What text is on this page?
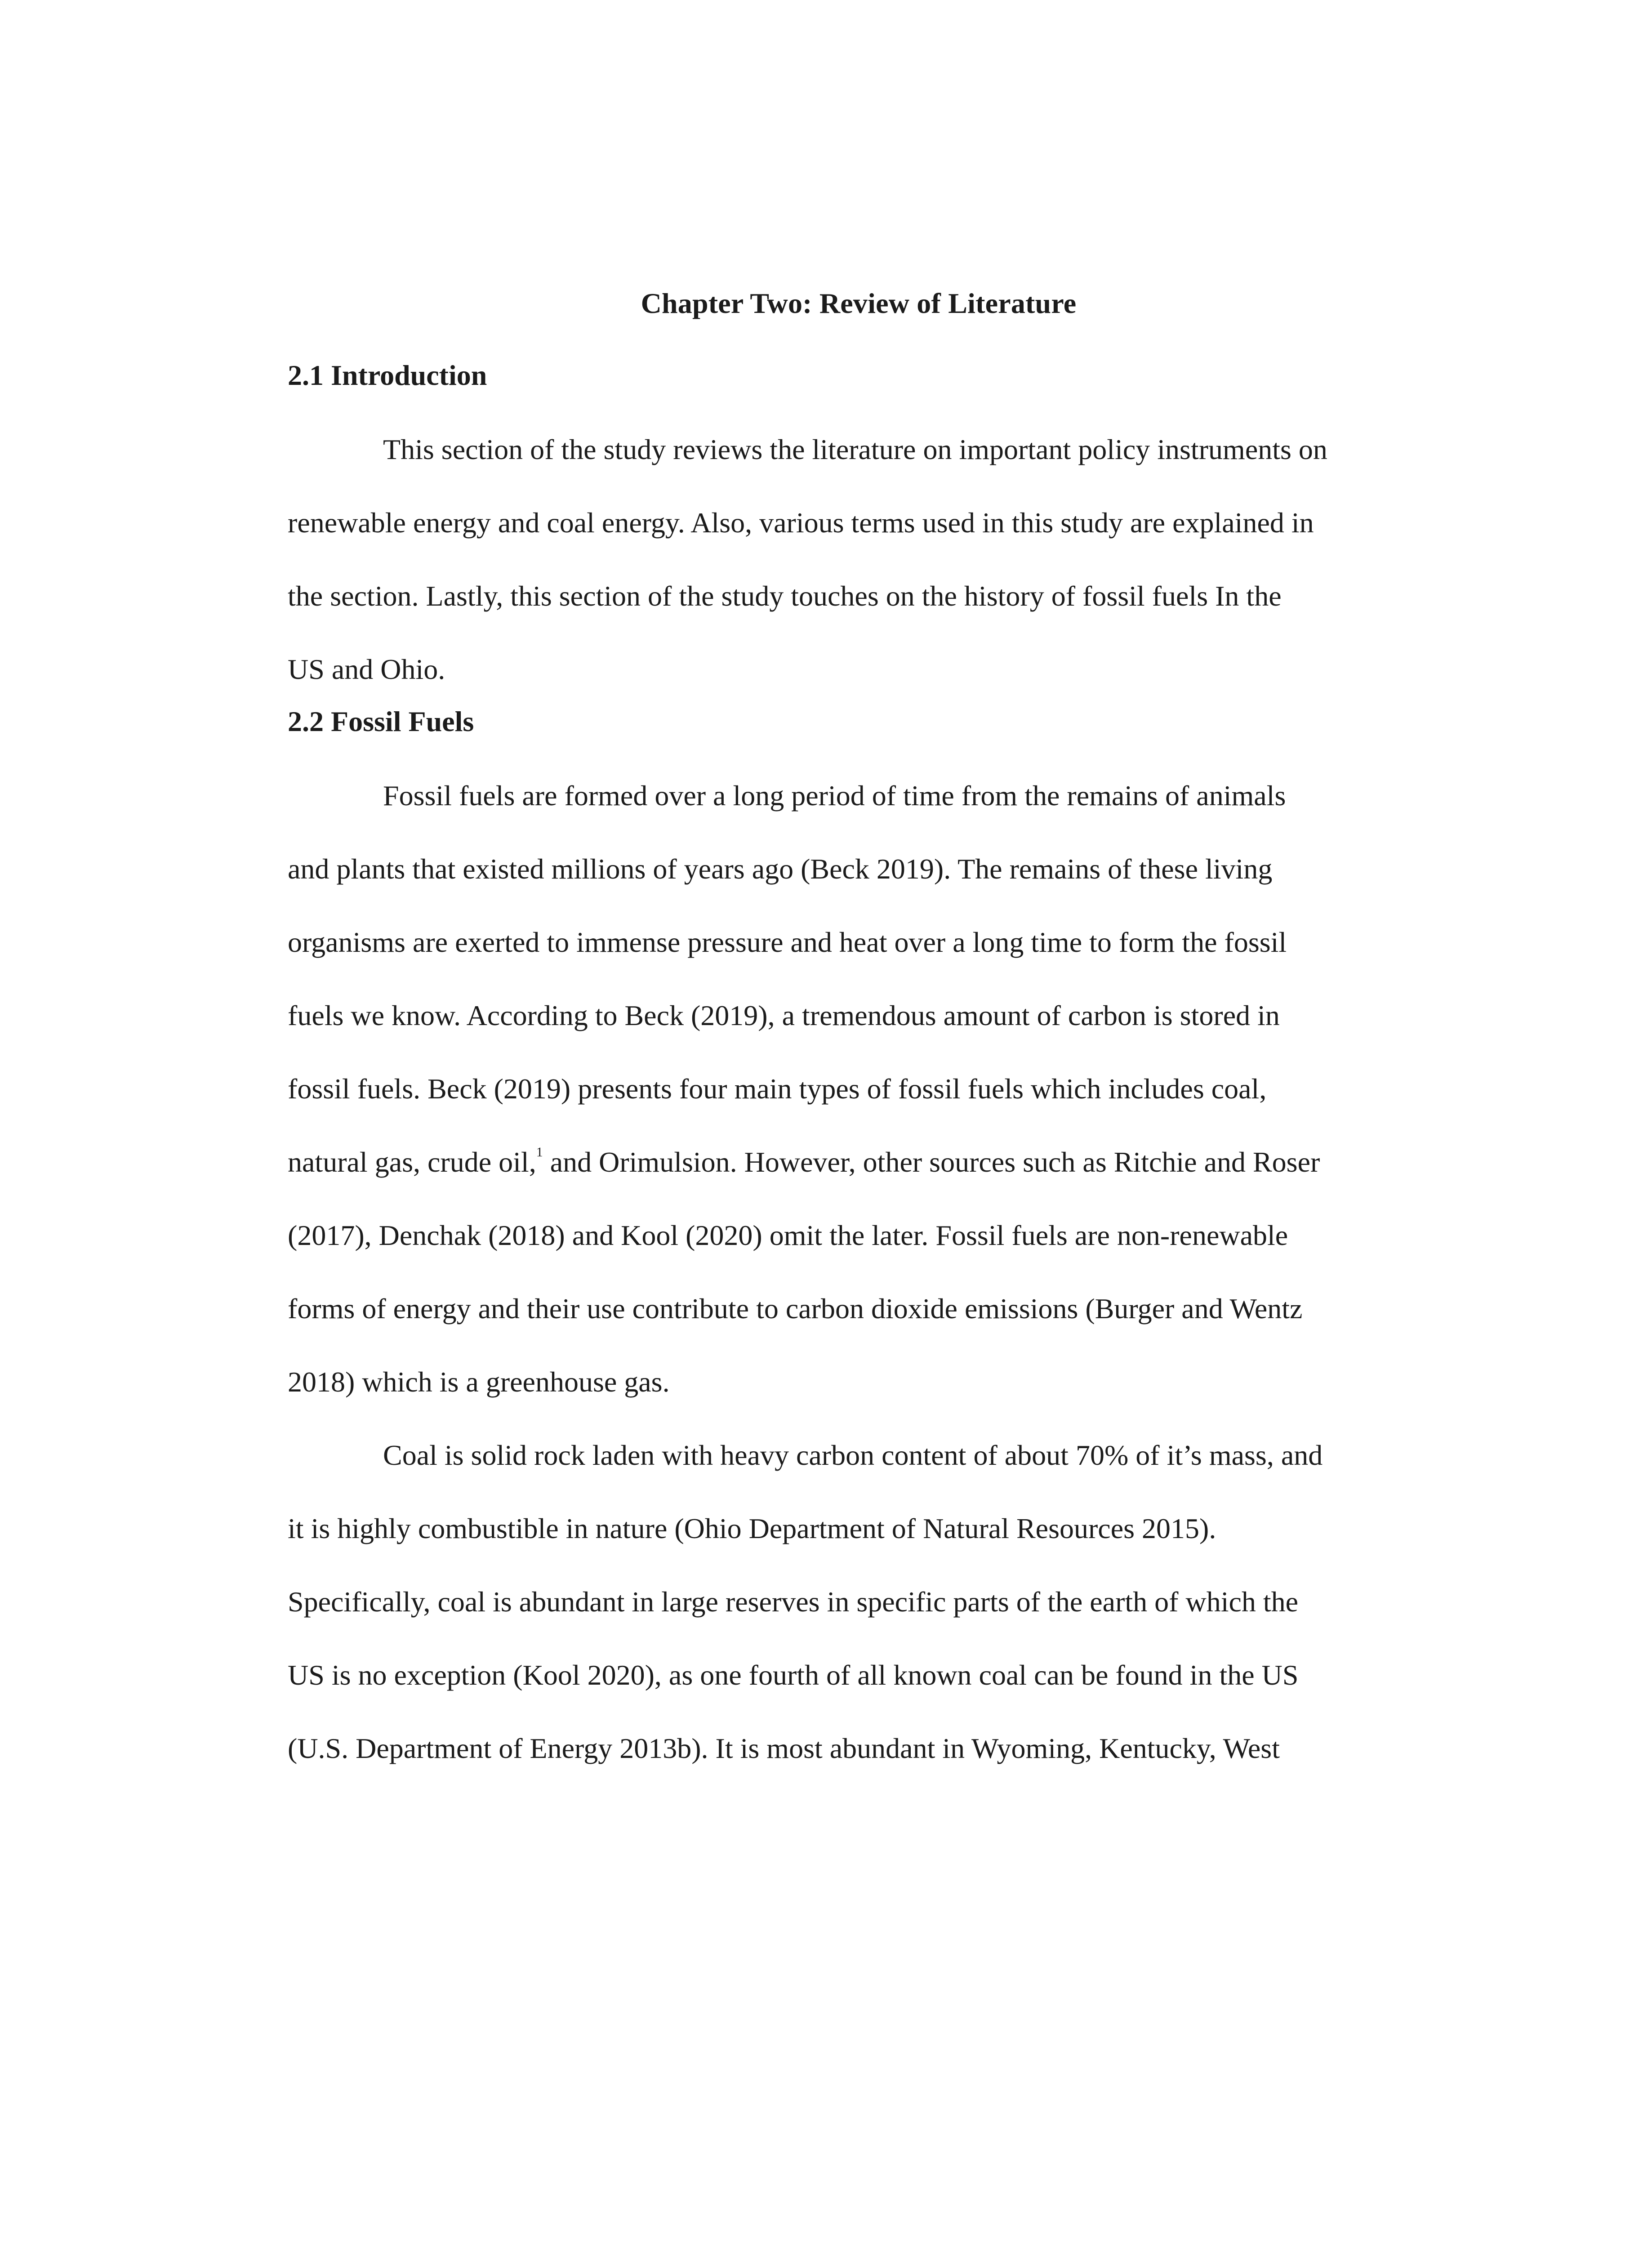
Chapter Two: Review of Literature
2.1 Introduction

This section of the study reviews the literature on important policy instruments on
renewable energy and coal energy. Also, various terms used in this study are explained in
the section. Lastly, this section of the study touches on the history of fossil fuels In the
US and Ohio.

2.2 Fossil Fuels

Fossil fuels are formed over a long period of time from the remains of animals
and plants that existed millions of years ago (Beck 2019). The remains of these living
organisms are exerted to immense pressure and heat over a long time to form the fossil
fuels we know. According to Beck (2019), a tremendous amount of carbon is stored in
fossil fuels. Beck (2019) presents four main types of fossil fuels which includes coal,
natural gas, crude oil,$^1$ and Orimulsion. However, other sources such as Ritchie and Roser
(2017), Denchak (2018) and Kool (2020) omit the later. Fossil fuels are non-renewable
forms of energy and their use contribute to carbon dioxide emissions (Burger and Wentz
2018) which is a greenhouse gas.

Coal is solid rock laden with heavy carbon content of about 70% of it’s mass, and
it is highly combustible in nature (Ohio Department of Natural Resources 2015).
Specifically, coal is abundant in large reserves in specific parts of the earth of which the
US is no exception (Kool 2020), as one fourth of all known coal can be found in the US
(U.S. Department of Energy 2013b). It is most abundant in Wyoming, Kentucky, West
